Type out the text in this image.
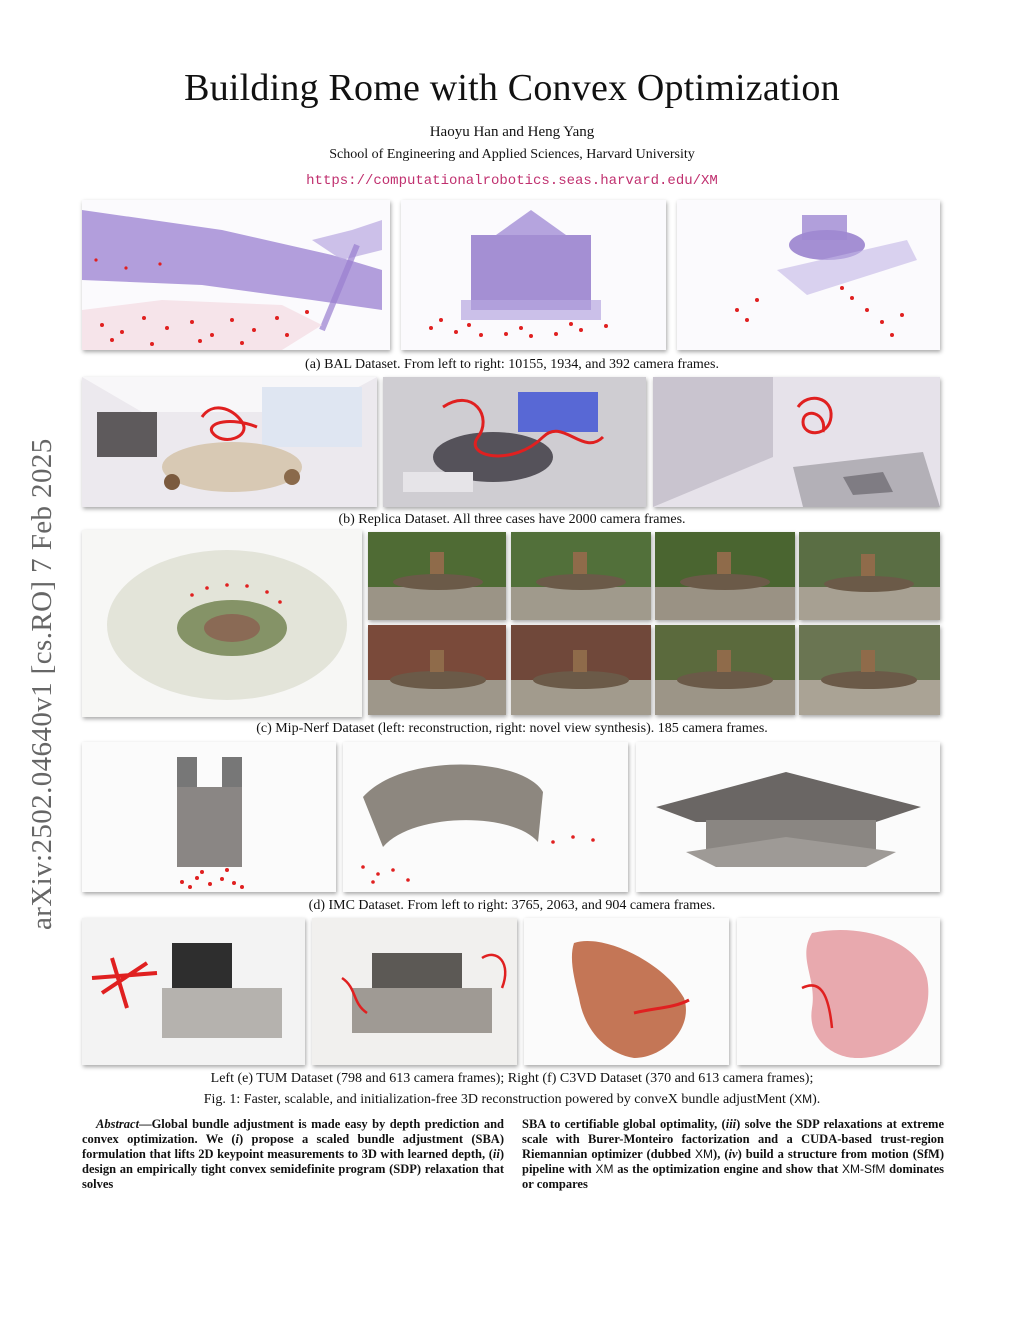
Building Rome with Convex Optimization
Haoyu Han and Heng Yang
School of Engineering and Applied Sciences, Harvard University
https://computationalrobotics.seas.harvard.edu/XM
arXiv:2502.04640v1 [cs.RO] 7 Feb 2025
(a) BAL Dataset. From left to right: 10155, 1934, and 392 camera frames.
(b) Replica Dataset. All three cases have 2000 camera frames.
(c) Mip-Nerf Dataset (left: reconstruction, right: novel view synthesis). 185 camera frames.
(d) IMC Dataset. From left to right: 3765, 2063, and 904 camera frames.
Left (e) TUM Dataset (798 and 613 camera frames); Right (f) C3VD Dataset (370 and 613 camera frames);
Fig. 1: Faster, scalable, and initialization-free 3D reconstruction powered by conveX bundle adjustMent (XM).
Abstract—Global bundle adjustment is made easy by depth prediction and convex optimization. We (i) propose a scaled bundle adjustment (SBA) formulation that lifts 2D keypoint measurements to 3D with learned depth, (ii) design an empirically tight convex semidefinite program (SDP) relaxation that solves
SBA to certifiable global optimality, (iii) solve the SDP relaxations at extreme scale with Burer-Monteiro factorization and a CUDA-based trust-region Riemannian optimizer (dubbed XM), (iv) build a structure from motion (SfM) pipeline with XM as the optimization engine and show that XM-SfM dominates or compares
